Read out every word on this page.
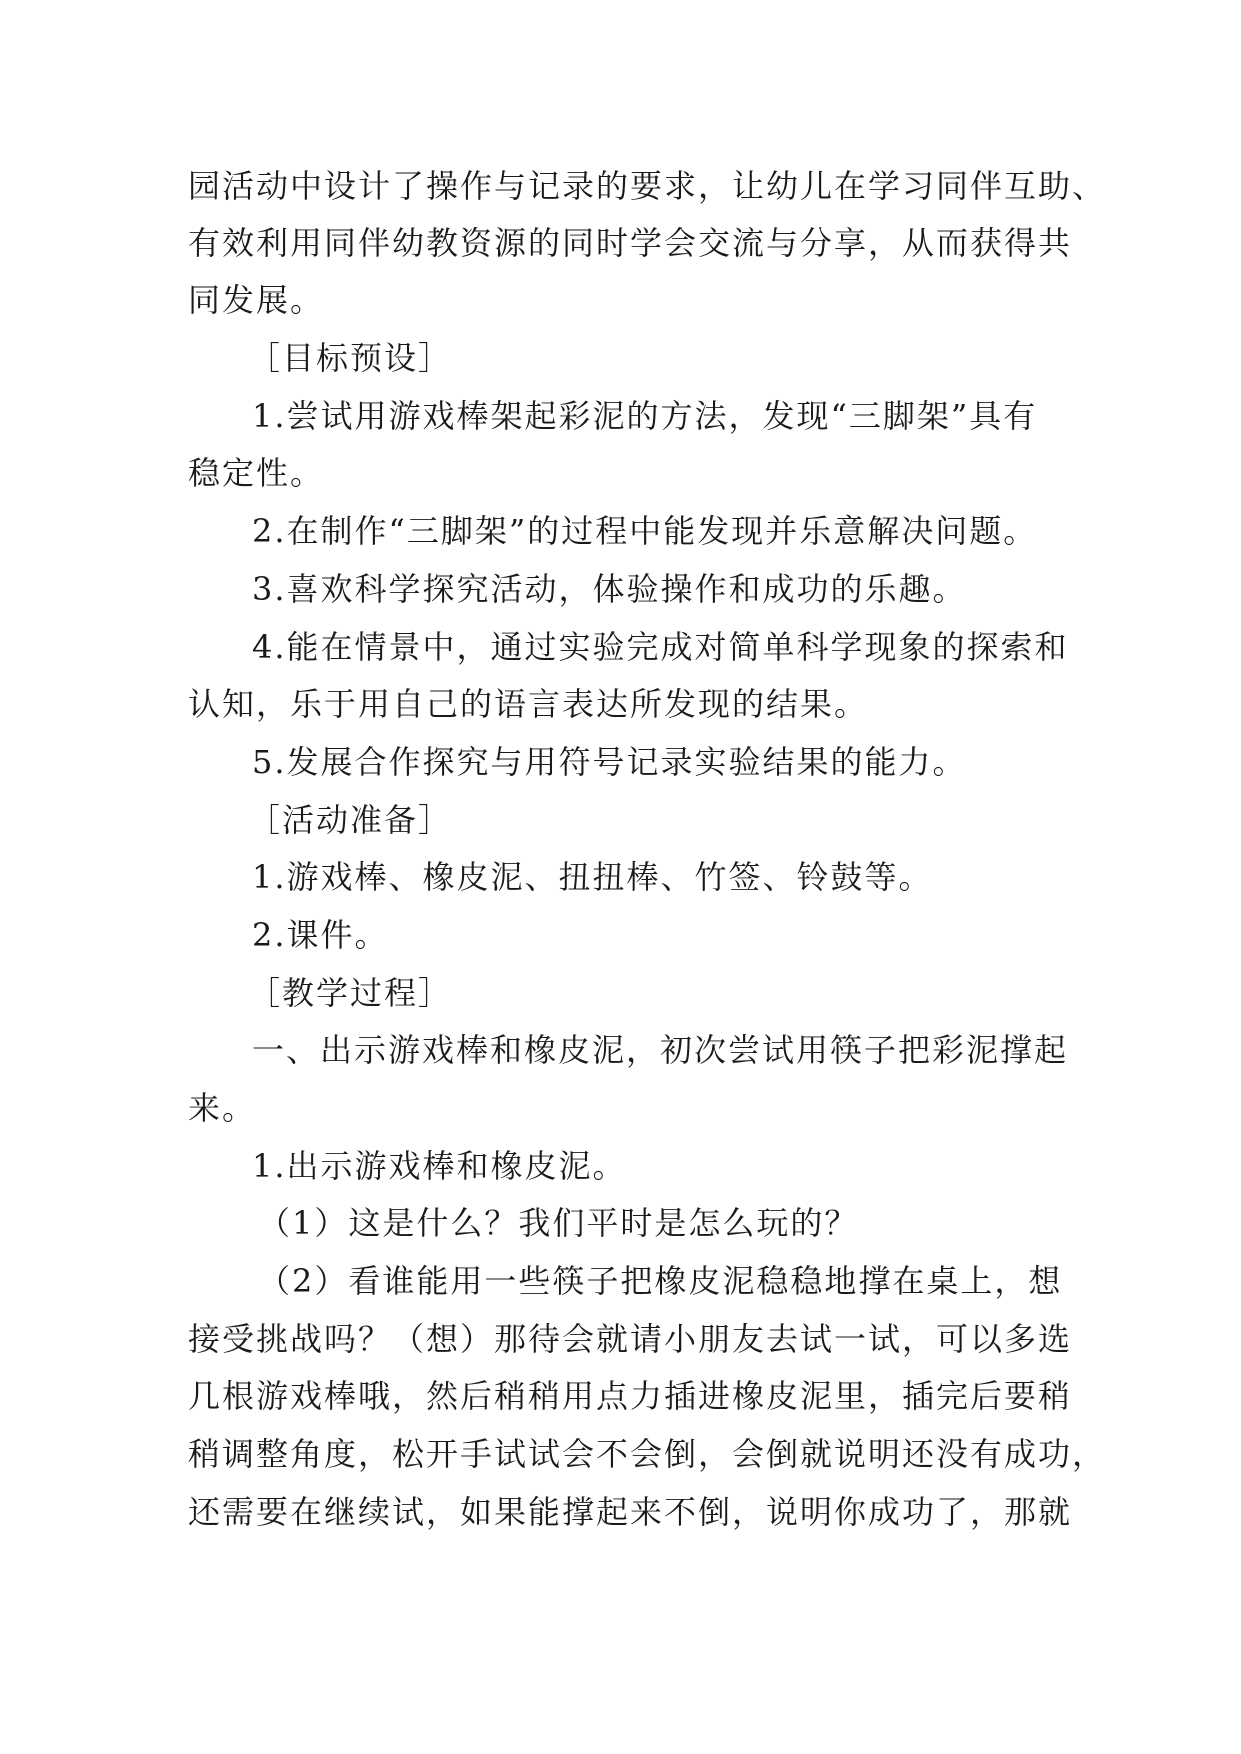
园活动中设计了操作与记录的要求，让幼儿在学习同伴互助、
有效利用同伴幼教资源的同时学会交流与分享，从而获得共
同发展。
［目标预设］
1.尝试用游戏棒架起彩泥的方法，发现“三脚架”具有
稳定性。
2.在制作“三脚架”的过程中能发现并乐意解决问题。
3.喜欢科学探究活动，体验操作和成功的乐趣。
4.能在情景中，通过实验完成对简单科学现象的探索和
认知，乐于用自己的语言表达所发现的结果。
5.发展合作探究与用符号记录实验结果的能力。
［活动准备］
1.游戏棒、橡皮泥、扭扭棒、竹签、铃鼓等。
2.课件。
［教学过程］
一、出示游戏棒和橡皮泥，初次尝试用筷子把彩泥撑起
来。
1.出示游戏棒和橡皮泥。
（1）这是什么？我们平时是怎么玩的？
（2）看谁能用一些筷子把橡皮泥稳稳地撑在桌上，想
接受挑战吗？（想）那待会就请小朋友去试一试，可以多选
几根游戏棒哦，然后稍稍用点力插进橡皮泥里，插完后要稍
稍调整角度，松开手试试会不会倒，会倒就说明还没有成功，
还需要在继续试，如果能撑起来不倒，说明你成功了，那就
